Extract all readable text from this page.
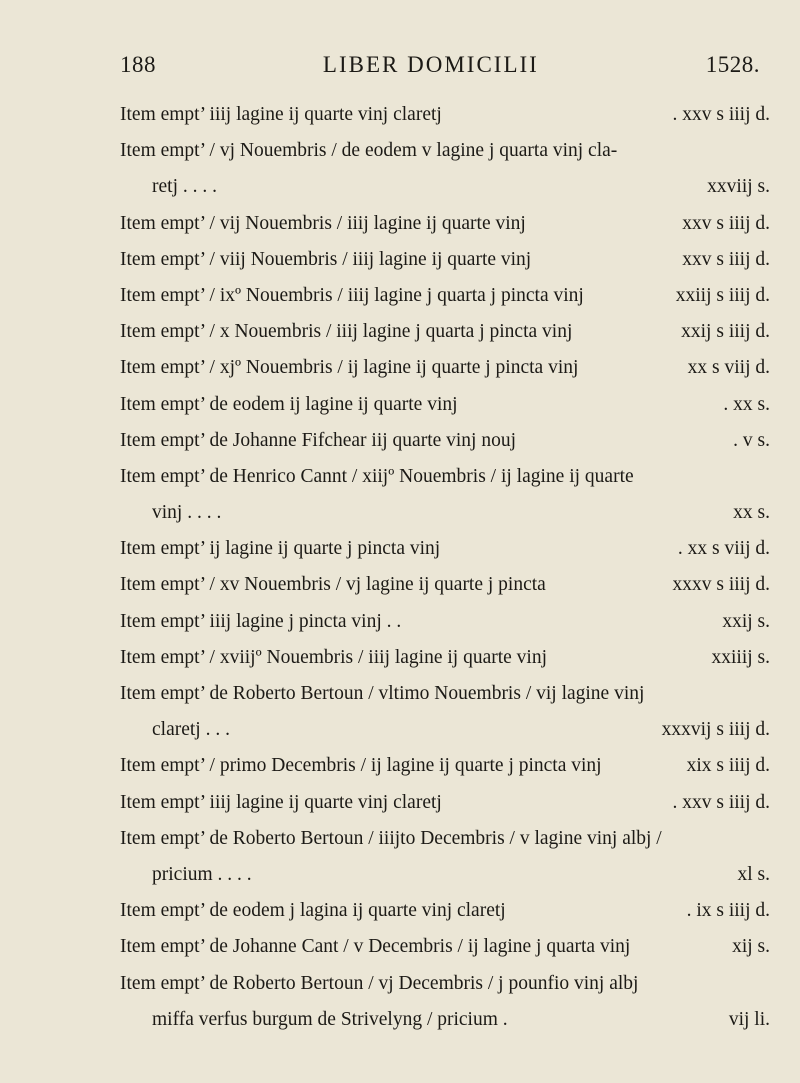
188	LIBER DOMICILII	1528.
Item empt’ iiij lagine ij quarte vinj claretj	. xxv s iiij d.
Item empt’ / vj Nouembris / de eodem v lagine j quarta vinj cla-
retj . . . .	xxviij s.
Item empt’ / vij Nouembris / iiij lagine ij quarte vinj	xxv s iiij d.
Item empt’ / viij Nouembris / iiij lagine ij quarte vinj	xxv s iiij d.
Item empt’ / ixº Nouembris / iiij lagine j quarta j pincta vinj	xxiij s iiij d.
Item empt’ / x Nouembris / iiij lagine j quarta j pincta vinj	xxij s iiij d.
Item empt’ / xjº Nouembris / ij lagine ij quarte j pincta vinj	xx s viij d.
Item empt’ de eodem ij lagine ij quarte vinj	. xx s.
Item empt’ de Johanne Fifchear iij quarte vinj nouj	. v s.
Item empt’ de Henrico Cannt / xiijº Nouembris / ij lagine ij quarte
vinj . . . .	xx s.
Item empt’ ij lagine ij quarte j pincta vinj	. xx s viij d.
Item empt’ / xv Nouembris / vj lagine ij quarte j pincta	xxxv s iiij d.
Item empt’ iiij lagine j pincta vinj . .	xxij s.
Item empt’ / xviijº Nouembris / iiij lagine ij quarte vinj	xxiiij s.
Item empt’ de Roberto Bertoun / vltimo Nouembris / vij lagine vinj
claretj . . .	xxxvij s iiij d.
Item empt’ / primo Decembris / ij lagine ij quarte j pincta vinj	xix s iiij d.
Item empt’ iiij lagine ij quarte vinj claretj	. xxv s iiij d.
Item empt’ de Roberto Bertoun / iiijto Decembris / v lagine vinj albj /
pricium . . . .	xl s.
Item empt’ de eodem j lagina ij quarte vinj claretj	. ix s iiij d.
Item empt’ de Johanne Cant / v Decembris / ij lagine j quarta vinj	xij s.
Item empt’ de Roberto Bertoun / vj Decembris / j pounfio vinj albj
miffa verfus burgum de Strivelyng / pricium .	vij li.
